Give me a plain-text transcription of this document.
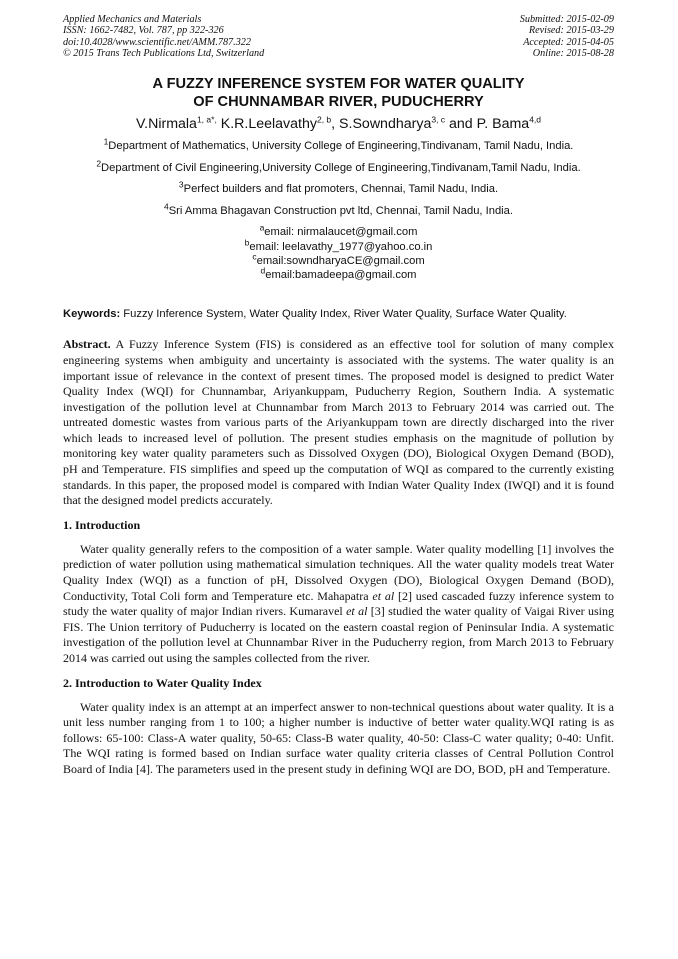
Applied Mechanics and Materials
ISSN: 1662-7482, Vol. 787, pp 322-326
doi:10.4028/www.scientific.net/AMM.787.322
© 2015 Trans Tech Publications Ltd, Switzerland
Submitted: 2015-02-09
Revised: 2015-03-29
Accepted: 2015-04-05
Online: 2015-08-28
A FUZZY INFERENCE SYSTEM FOR WATER QUALITY
OF CHUNNAMBAR RIVER, PUDUCHERRY
V.Nirmala$^{1, a*,}$ K.R.Leelavathy$^{2, b}$, S.Sowndharya$^{3, c}$ and P. Bama$^{4,d}$
$^1$Department of Mathematics, University College of Engineering,Tindivanam, Tamil Nadu, India.
$^2$Department of Civil Engineering,University College of Engineering,Tindivanam,Tamil Nadu, India.
$^3$Perfect builders and flat promoters, Chennai, Tamil Nadu, India.
$^4$Sri Amma Bhagavan Construction pvt ltd, Chennai, Tamil Nadu, India.
$^a$email: nirmalaucet@gmail.com
$^b$email: leelavathy_1977@yahoo.co.in
$^c$email:sowndharyaCE@gmail.com
$^d$email:bamadeepa@gmail.com
Keywords: Fuzzy Inference System, Water Quality Index, River Water Quality, Surface Water Quality.
Abstract. A Fuzzy Inference System (FIS) is considered as an effective tool for solution of many complex engineering systems when ambiguity and uncertainty is associated with the systems. The water quality is an important issue of relevance in the context of present times. The proposed model is designed to predict Water Quality Index (WQI) for Chunnambar, Ariyankuppam, Puducherry Region, Southern India. A systematic investigation of the pollution level at Chunnambar from March 2013 to February 2014 was carried out. The untreated domestic wastes from various parts of the Ariyankuppam town are directly discharged into the river which leads to increased level of pollution. The present studies emphasis on the magnitude of pollution by monitoring key water quality parameters such as Dissolved Oxygen (DO), Biological Oxygen Demand (BOD), pH and Temperature. FIS simplifies and speed up the computation of WQI as compared to the currently existing standards. In this paper, the proposed model is compared with Indian Water Quality Index (IWQI) and it is found that the designed model predicts accurately.
1. Introduction
Water quality generally refers to the composition of a water sample. Water quality modelling [1] involves the prediction of water pollution using mathematical simulation techniques. All the water quality models treat Water Quality Index (WQI) as a function of pH, Dissolved Oxygen (DO), Biological Oxygen Demand (BOD), Conductivity, Total Coli form and Temperature etc. Mahapatra et al [2] used cascaded fuzzy inference system to study the water quality of major Indian rivers. Kumaravel et al [3] studied the water quality of Vaigai River using FIS. The Union territory of Puducherry is located on the eastern coastal region of Peninsular India. A systematic investigation of the pollution level at Chunnambar River in the Puducherry region, from March 2013 to February 2014 was carried out using the samples collected from the river.
2. Introduction to Water Quality Index
Water quality index is an attempt at an imperfect answer to non-technical questions about water quality. It is a unit less number ranging from 1 to 100; a higher number is inductive of better water quality.WQI rating is as follows: 65-100: Class-A water quality, 50-65: Class-B water quality, 40-50: Class-C water quality; 0-40: Unfit. The WQI rating is formed based on Indian surface water quality criteria classes of Central Pollution Control Board of India [4]. The parameters used in the present study in defining WQI are DO, BOD, pH and Temperature.
